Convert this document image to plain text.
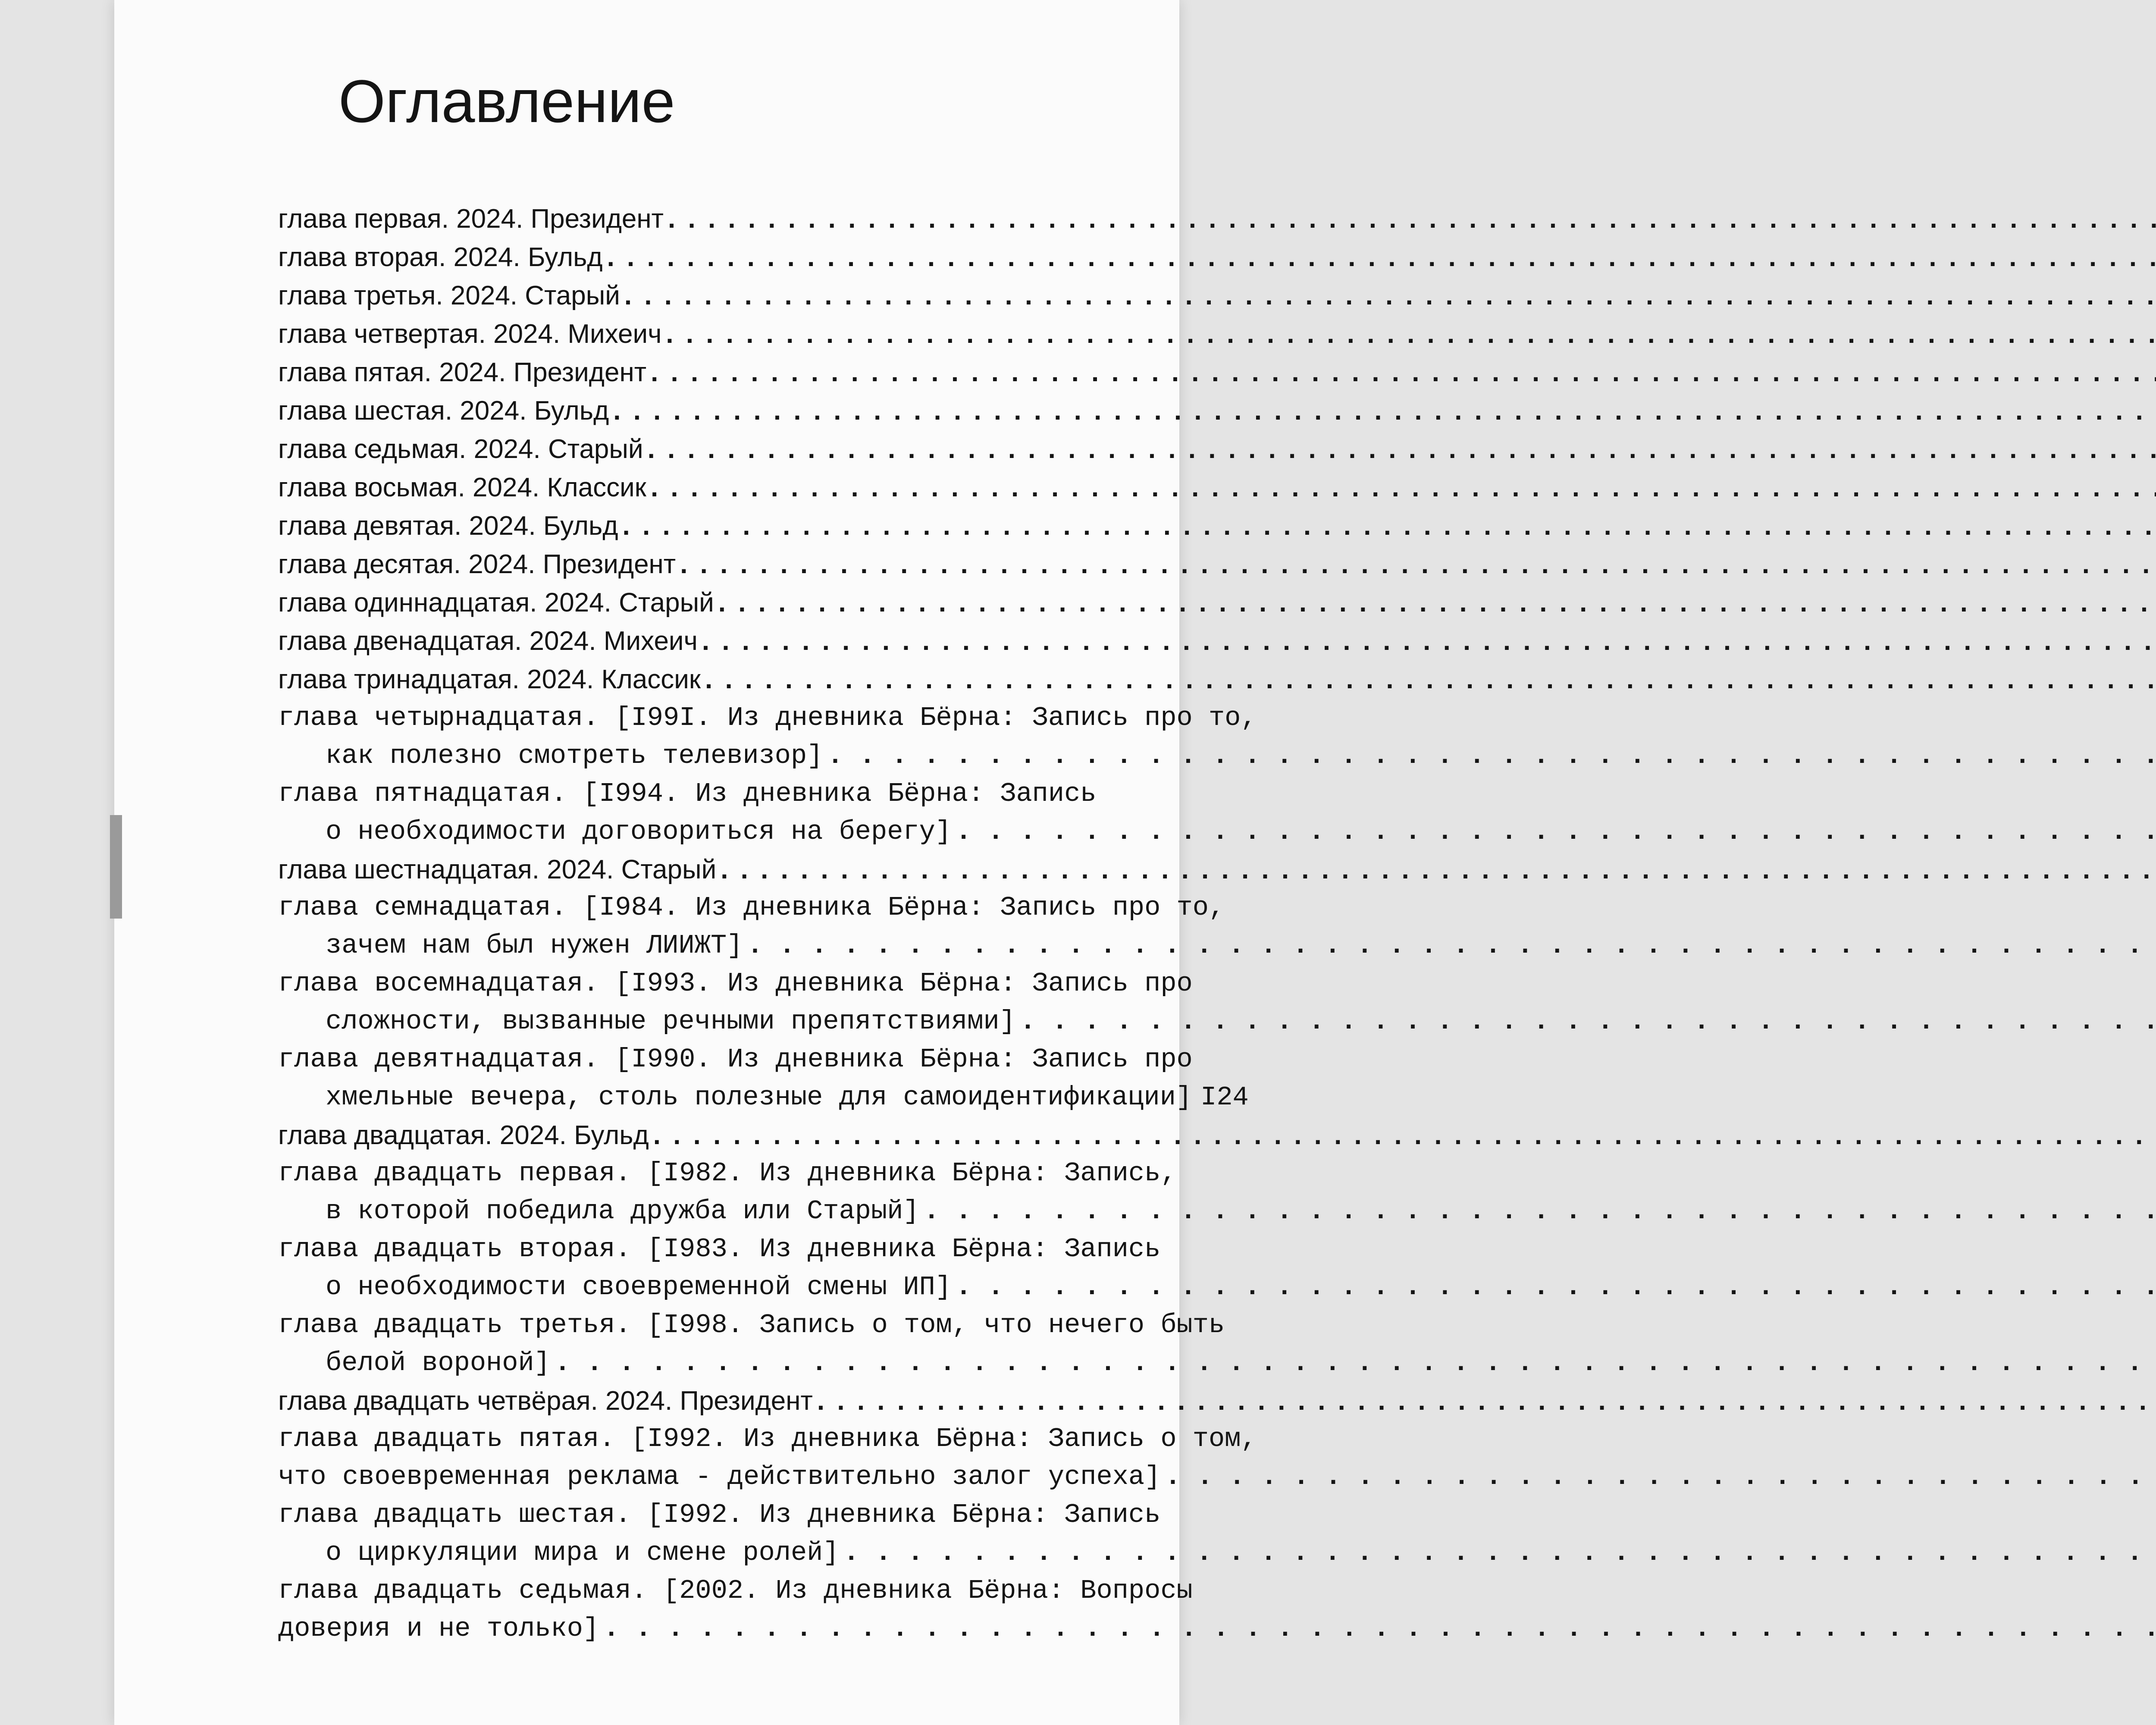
Оглавление
глава первая. 2024. Президент
. . .
глава вторая. 2024. Бульд
. . .
глава третья. 2024. Старый
. . .
глава четвертая. 2024. Михеич
. . .
глава пятая. 2024. Президент
. . .
глава шестая. 2024. Бульд
. . .
глава седьмая. 2024. Старый
. . .
глава восьмая. 2024. Классик
. . .
глава девятая. 2024. Бульд
. . .
глава десятая. 2024. Президент
. . .
глава одиннадцатая. 2024. Старый
. . .
глава двенадцатая. 2024. Михеич
. . .
глава тринадцатая. 2024. Классик
. . .
глава четырнадцатая. [I99I. Из дневника Бёрна: Запись про то,
как полезно смотреть телевизор]
. . .
глава пятнадцатая. [I994. Из дневника Бёрна: Запись
о необходимости договориться на берегу]
. . .
глава шестнадцатая. 2024. Старый
. . .
глава семнадцатая. [I984. Из дневника Бёрна: Запись про то,
зачем нам был нужен ЛИИЖТ]
. . .
глава восемнадцатая. [I993. Из дневника Бёрна: Запись про
сложности, вызванные речными препятствиями]
. . .
глава девятнадцатая. [I990. Из дневника Бёрна: Запись про
хмельные вечера, столь полезные для самоидентификации] I24
глава двадцатая. 2024. Бульд
. . .
глава двадцать первая. [I982. Из дневника Бёрна: Запись,
в которой победила дружба или Старый]
. . .
глава двадцать вторая. [I983. Из дневника Бёрна: Запись
о необходимости своевременной смены ИП]
. . .
глава двадцать третья. [I998. Запись о том, что нечего быть
белой вороной]
. . .
глава двадцать четвёрая. 2024. Президент
. . .
глава двадцать пятая. [I992. Из дневника Бёрна: Запись о том,
что своевременная реклама - действительно залог успеха]
. . .
глава двадцать шестая. [I992. Из дневника Бёрна: Запись
о циркуляции мира и смене ролей]
. . .
глава двадцать седьмая. [2002. Из дневника Бёрна: Вопросы
доверия и не только]
. . .
